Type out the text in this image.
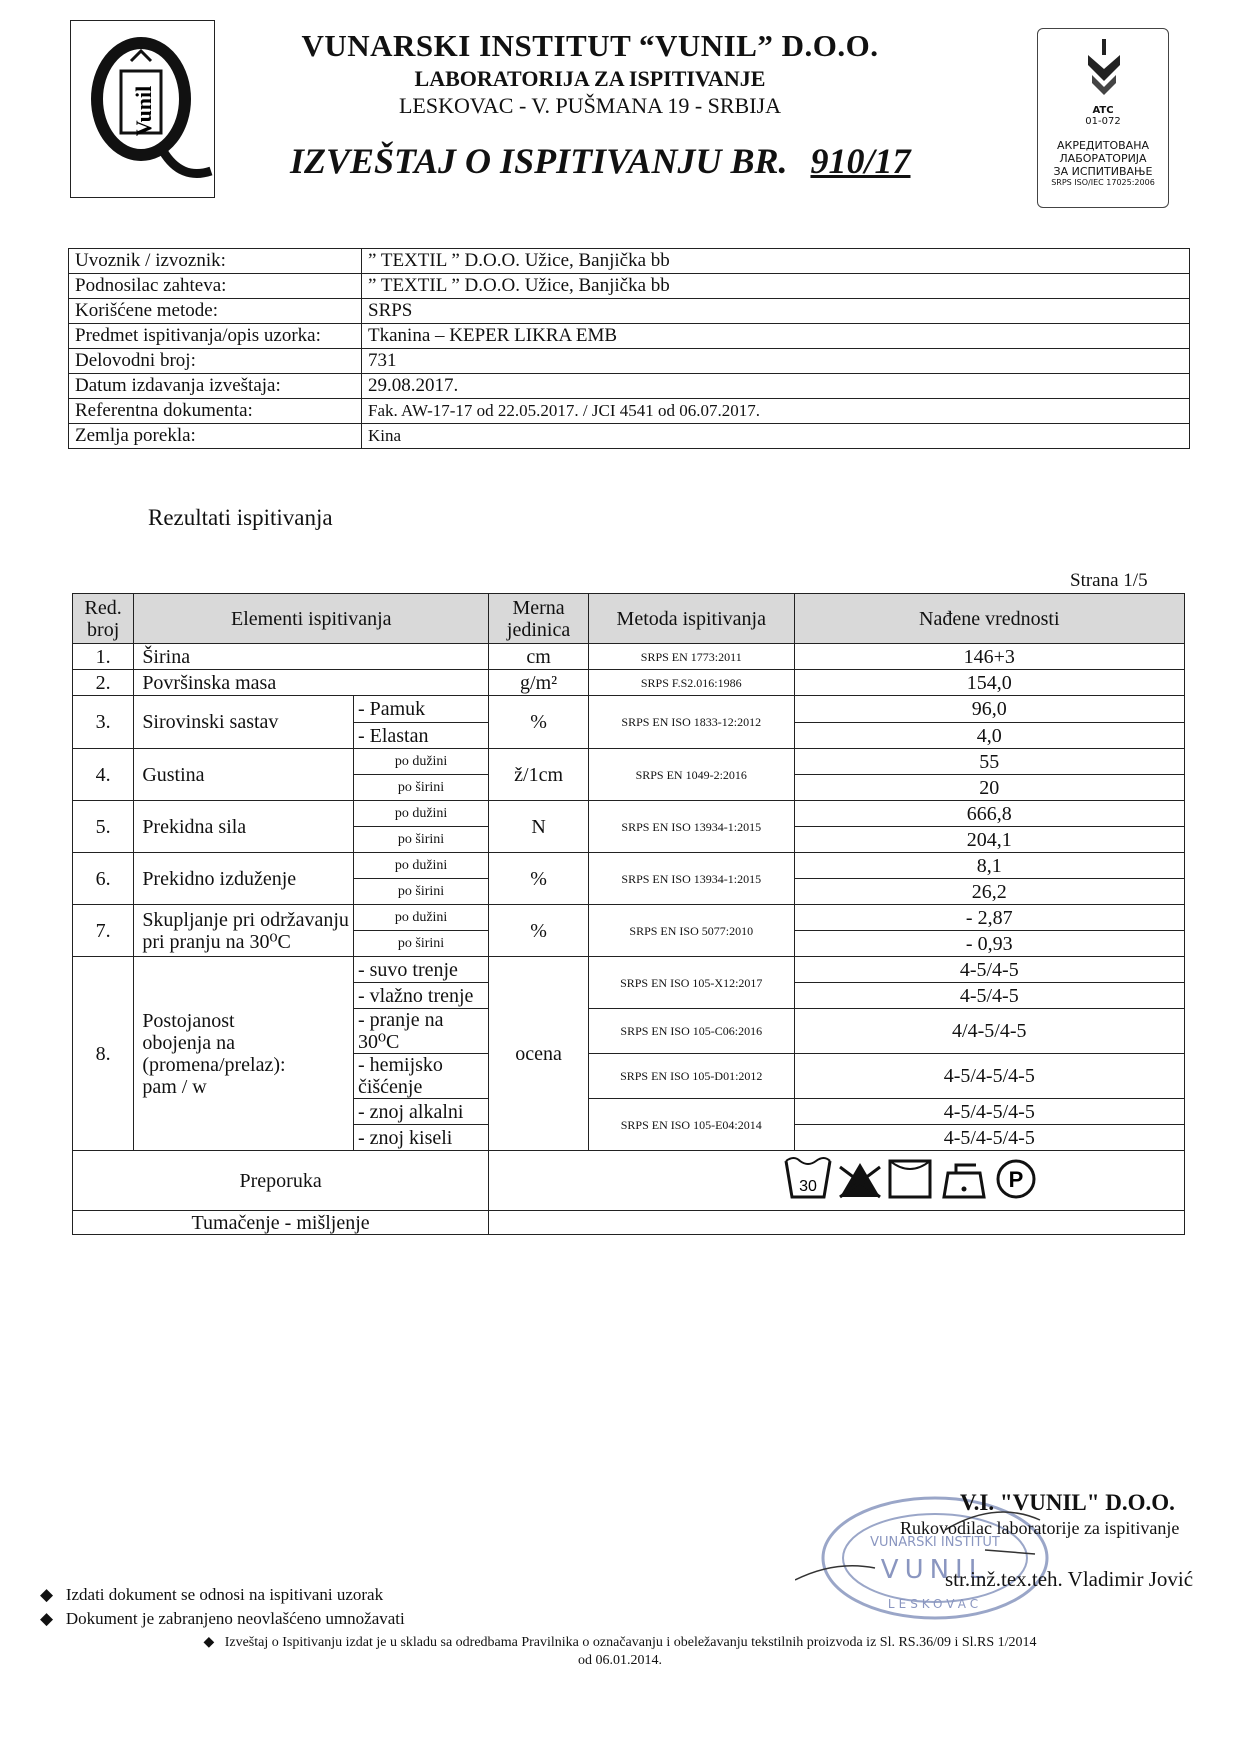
Vunil
VUNARSKI INSTITUT “VUNIL” D.O.O.
LABORATORIJA ZA ISPITIVANJE
LESKOVAC - V. PUŠMANA 19 - SRBIJA
IZVEŠTAJ O ISPITIVANJU BR. 910/17
ATC
01-072
АКРЕДИТОВАНА
ЛАБОРАТОРИЈА
ЗА ИСПИТИВАЊЕ
SRPS ISO/IEC 17025:2006
Uvoznik / izvoznik:	” TEXTIL ” D.O.O. Užice, Banjička bb
Podnosilac zahteva:	” TEXTIL ” D.O.O. Užice, Banjička bb
Korišćene metode:	SRPS
Predmet ispitivanja/opis uzorka:	Tkanina – KEPER LIKRA EMB
Delovodni broj:	731
Datum izdavanja izveštaja:	29.08.2017.
Referentna dokumenta:	Fak. AW-17-17 od 22.05.2017. / JCI 4541 od 06.07.2017.
Zemlja porekla:	Kina
Rezultati ispitivanja
Strana 1/5
Red. broj	Elementi ispitivanja		Merna jedinica	Metoda ispitivanja	Nađene vrednosti
1.	Širina		cm	SRPS EN 1773:2011	146+3
2.	Površinska masa		g/m²	SRPS F.S2.016:1986	154,0
3.	Sirovinski sastav	- Pamuk	%	SRPS EN ISO 1833-12:2012	96,0
		- Elastan			4,0
4.	Gustina	po dužini	ž/1cm	SRPS EN 1049-2:2016	55
		po širini			20
5.	Prekidna sila	po dužini	N	SRPS EN ISO 13934-1:2015	666,8
		po širini			204,1
6.	Prekidno izduženje	po dužini	%	SRPS EN ISO 13934-1:2015	8,1
		po širini			26,2
7.	Skupljanje pri održavanju
pri pranju na 30⁰C	po dužini	%	SRPS EN ISO 5077:2010	- 2,87
		po širini			- 0,93
8.	Postojanost
obojenja na
(promena/prelaz):
pam / w	- suvo trenje	ocena	SRPS EN ISO 105-X12:2017	4-5/4-5
		- vlažno trenje			4-5/4-5
		- pranje na 30⁰C		SRPS EN ISO 105-C06:2016	4/4-5/4-5
		- hemijsko čišćenje		SRPS EN ISO 105-D01:2012	4-5/4-5/4-5
		- znoj alkalni		SRPS EN ISO 105-E04:2014	4-5/4-5/4-5
		- znoj kiseli			4-5/4-5/4-5
Preporuka			30 P		

Tumačenje - mišljenje					
VUNARSKI INSTITUT
VUNIL
LESKOVAC
V.I. "VUNIL" D.O.O.
Rukovodilac laboratorije za ispitivanje
str.inž.tex.teh. Vladimir Jović
◆   Izdati dokument se odnosi na ispitivani uzorak
◆   Dokument je zabranjeno neovlašćeno umnožavati
◆   Izveštaj o Ispitivanju izdat je u skladu sa odredbama Pravilnika o označavanju i obeležavanju tekstilnih proizvoda iz Sl. RS.36/09 i Sl.RS 1/2014 od 06.01.2014.
